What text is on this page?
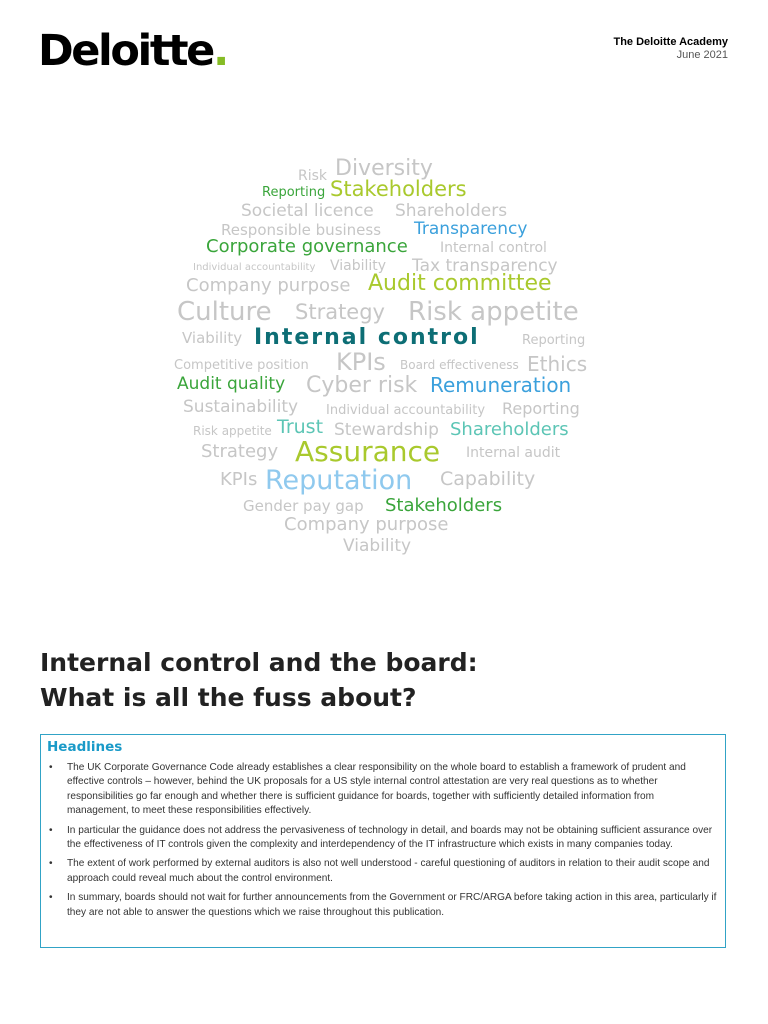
Deloitte.	The Deloitte Academy
June 2021
Risk Diversity
Reporting Stakeholders
Societal licence Shareholders
Responsible business Transparency
Corporate governance Internal control
Individual accountability Viability Tax transparency
Company purpose Audit committee
Culture Strategy Risk appetite
Viability Internal control	Reporting
Competitive position KPIs Board effectiveness Ethics
Audit quality Cyber risk Remuneration
Sustainability Individual accountability Reporting
Risk appetite Trust Stewardship Shareholders
Strategy Assurance Internal audit
KPIs Reputation Capability
Gender pay gap Stakeholders
Company purpose
Viability
Internal control and the board:
What is all the fuss about?
Headlines
• The UK Corporate Governance Code already establishes a clear responsibility on the whole board to establish a framework of prudent and effective controls – however, behind the UK proposals for a US style internal control attestation are very real questions as to whether responsibilities go far enough and whether there is sufficient guidance for boards, together with sufficiently detailed information from management, to meet these responsibilities effectively.
• In particular the guidance does not address the pervasiveness of technology in detail, and boards may not be obtaining sufficient assurance over the effectiveness of IT controls given the complexity and interdependency of the IT infrastructure which exists in many companies today.
• The extent of work performed by external auditors is also not well understood - careful questioning of auditors in relation to their audit scope and approach could reveal much about the control environment.
• In summary, boards should not wait for further announcements from the Government or FRC/ARGA before taking action in this area, particularly if they are not able to answer the questions which we raise throughout this publication.
